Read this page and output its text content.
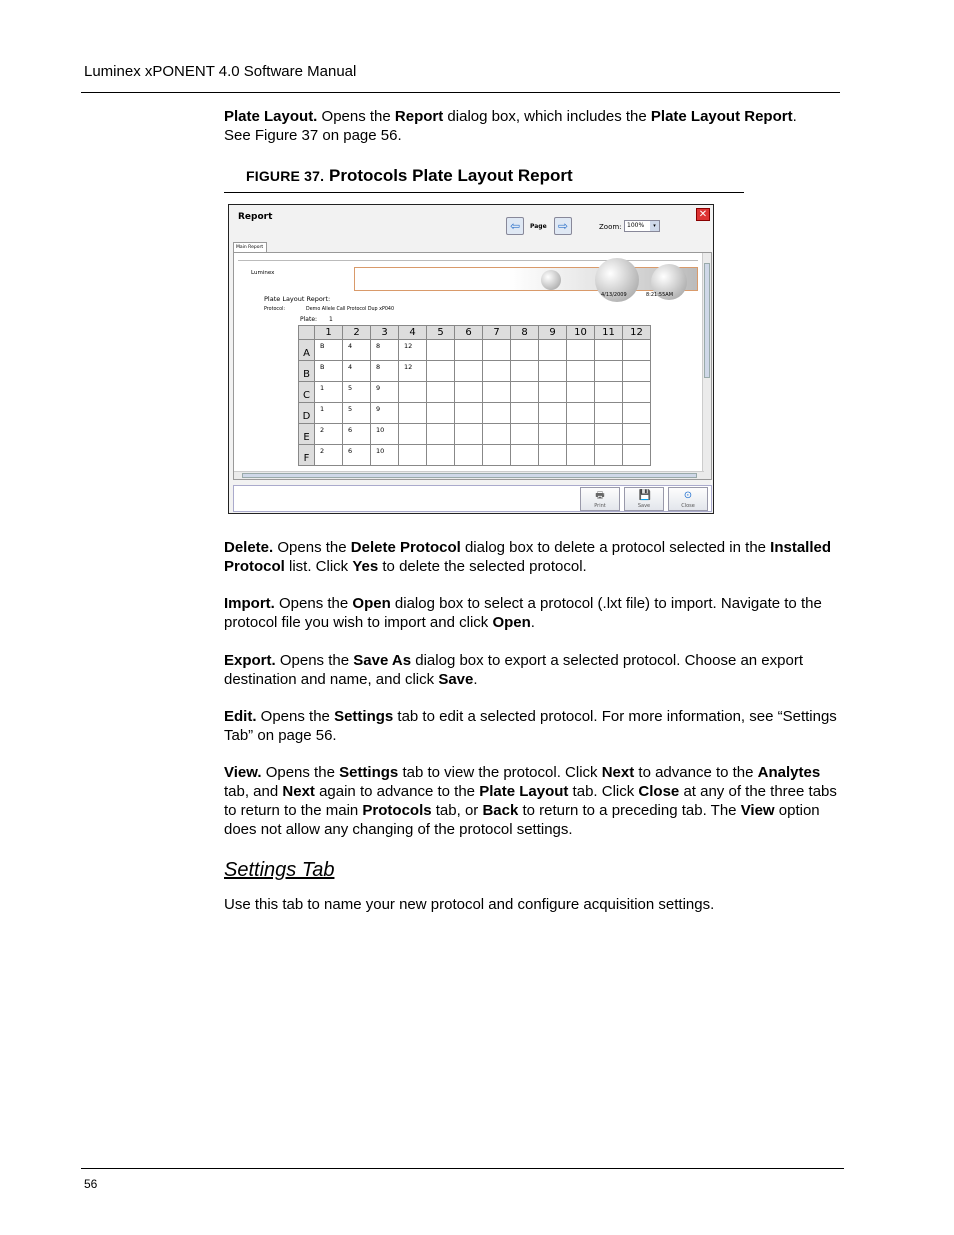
Luminex xPONENT 4.0 Software Manual
Plate Layout. Opens the Report dialog box, which includes the Plate Layout Report.
See Figure 37 on page 56.
FIGURE 37. Protocols Plate Layout Report
Report	✕
⇦	Page ⇨	Zoom: 100%	▾
Main Report
Luminex
Plate Layout Report:	4/13/2009	8:21:55AM
Protocol:	Demo Allele Call Protocol Dup xP040
Plate: 1
	1	2	3	4	5	6	7	8	9	10	11	12
A	B	4	8	12								
B	B	4	8	12								
C	1	5	9									
D	1	5	9									
E	2	6	10									
F	2	6	10									
🖶
Print
💾
Save
⊙
Close
Delete. Opens the Delete Protocol dialog box to delete a protocol selected in the Installed Protocol list. Click Yes to delete the selected protocol.
Import. Opens the Open dialog box to select a protocol (.lxt file) to import. Navigate to the protocol file you wish to import and click Open.
Export. Opens the Save As dialog box to export a selected protocol. Choose an export destination and name, and click Save.
Edit. Opens the Settings tab to edit a selected protocol. For more information, see “Settings Tab” on page 56.
View. Opens the Settings tab to view the protocol. Click Next to advance to the Analytes tab, and Next again to advance to the Plate Layout tab. Click Close at any of the three tabs to return to the main Protocols tab, or Back to return to a preceding tab. The View option does not allow any changing of the protocol settings.
Settings Tab
Use this tab to name your new protocol and configure acquisition settings.
56
